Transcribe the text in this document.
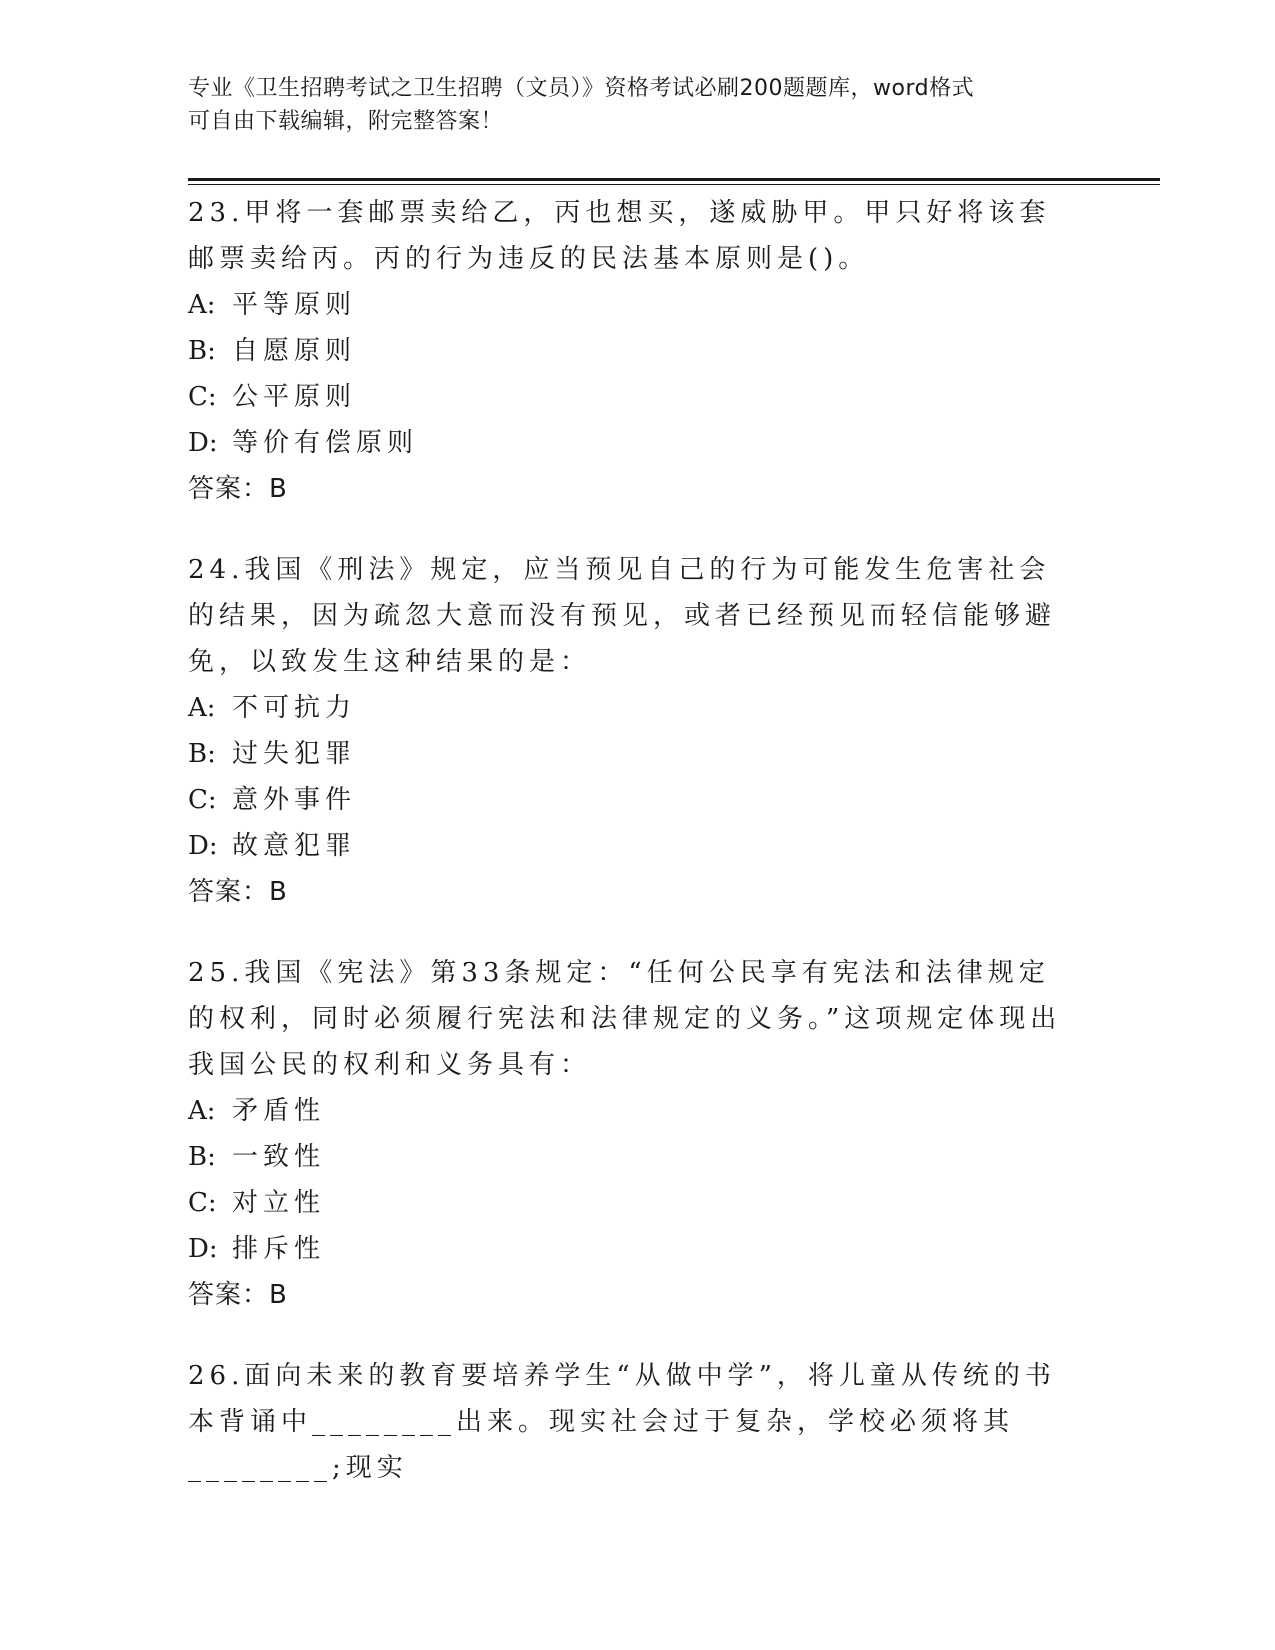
专业《卫生招聘考试之卫生招聘（文员）》资格考试必刷200题题库，word格式
可自由下载编辑，附完整答案！
23.甲将一套邮票卖给乙，丙也想买，遂威胁甲。甲只好将该套邮票卖给丙。丙的行为违反的民法基本原则是()。
A: 平等原则
B: 自愿原则
C: 公平原则
D: 等价有偿原则
答案：B
24.我国《刑法》规定，应当预见自己的行为可能发生危害社会的结果，因为疏忽大意而没有预见，或者已经预见而轻信能够避免，以致发生这种结果的是：
A: 不可抗力
B: 过失犯罪
C: 意外事件
D: 故意犯罪
答案：B
25.我国《宪法》第33条规定：“任何公民享有宪法和法律规定的权利，同时必须履行宪法和法律规定的义务。”这项规定体现出我国公民的权利和义务具有：
A: 矛盾性
B: 一致性
C: 对立性
D: 排斥性
答案：B
26.面向未来的教育要培养学生“从做中学”，将儿童从传统的书本背诵中________出来。现实社会过于复杂，学校必须将其________;现实
